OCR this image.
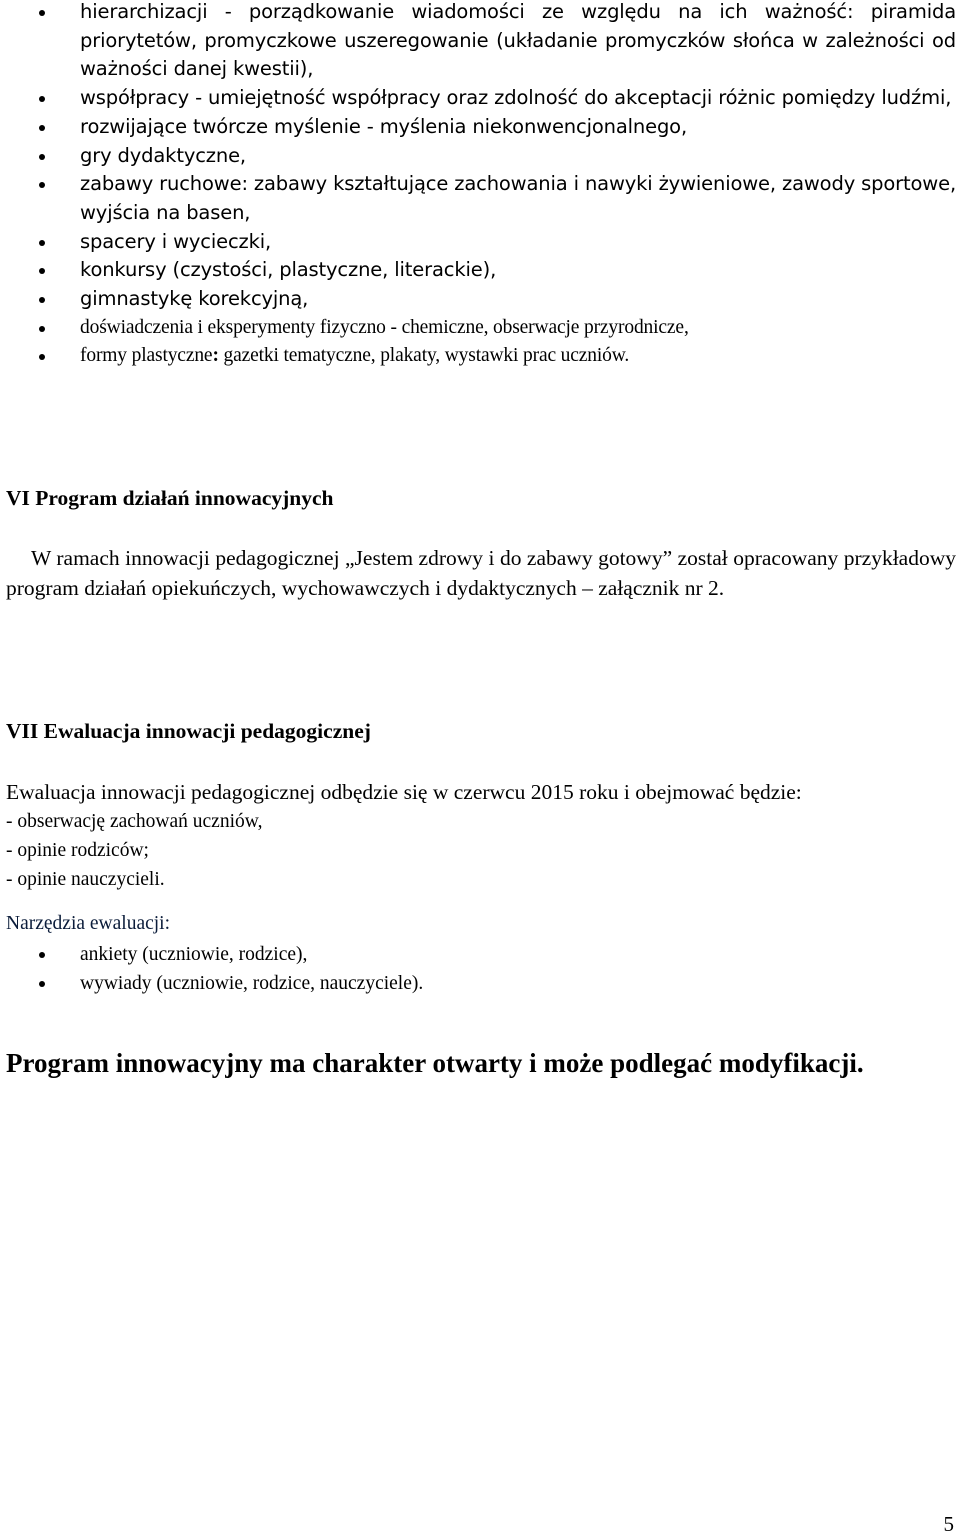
hierarchizacji - porządkowanie wiadomości ze względu na ich ważność: piramida priorytetów, promyczkowe uszeregowanie (układanie promyczków słońca w zależności od ważności danej kwestii),
współpracy - umiejętność współpracy oraz zdolność do akceptacji różnic pomiędzy ludźmi,
rozwijające twórcze myślenie - myślenia niekonwencjonalnego,
gry dydaktyczne,
zabawy ruchowe: zabawy kształtujące zachowania i nawyki żywieniowe, zawody sportowe, wyjścia na basen,
spacery i wycieczki,
konkursy (czystości, plastyczne, literackie),
gimnastykę korekcyjną,
doświadczenia i eksperymenty fizyczno - chemiczne, obserwacje przyrodnicze,
formy plastyczne: gazetki tematyczne, plakaty, wystawki prac uczniów.
VI Program działań innowacyjnych

W ramach innowacji pedagogicznej „Jestem zdrowy i do zabawy gotowy” został opracowany przykładowy program działań opiekuńczych, wychowawczych i dydaktycznych – załącznik nr 2.

VII Ewaluacja innowacji pedagogicznej

Ewaluacja innowacji pedagogicznej odbędzie się w czerwcu 2015 roku i obejmować będzie:

- obserwację zachowań uczniów,
- opinie rodziców;
- opinie nauczycieli.

Narzędzia ewaluacji:

ankiety (uczniowie, rodzice),
wywiady (uczniowie, rodzice, nauczyciele).

Program innowacyjny ma charakter otwarty i może podlegać modyfikacji.

5
